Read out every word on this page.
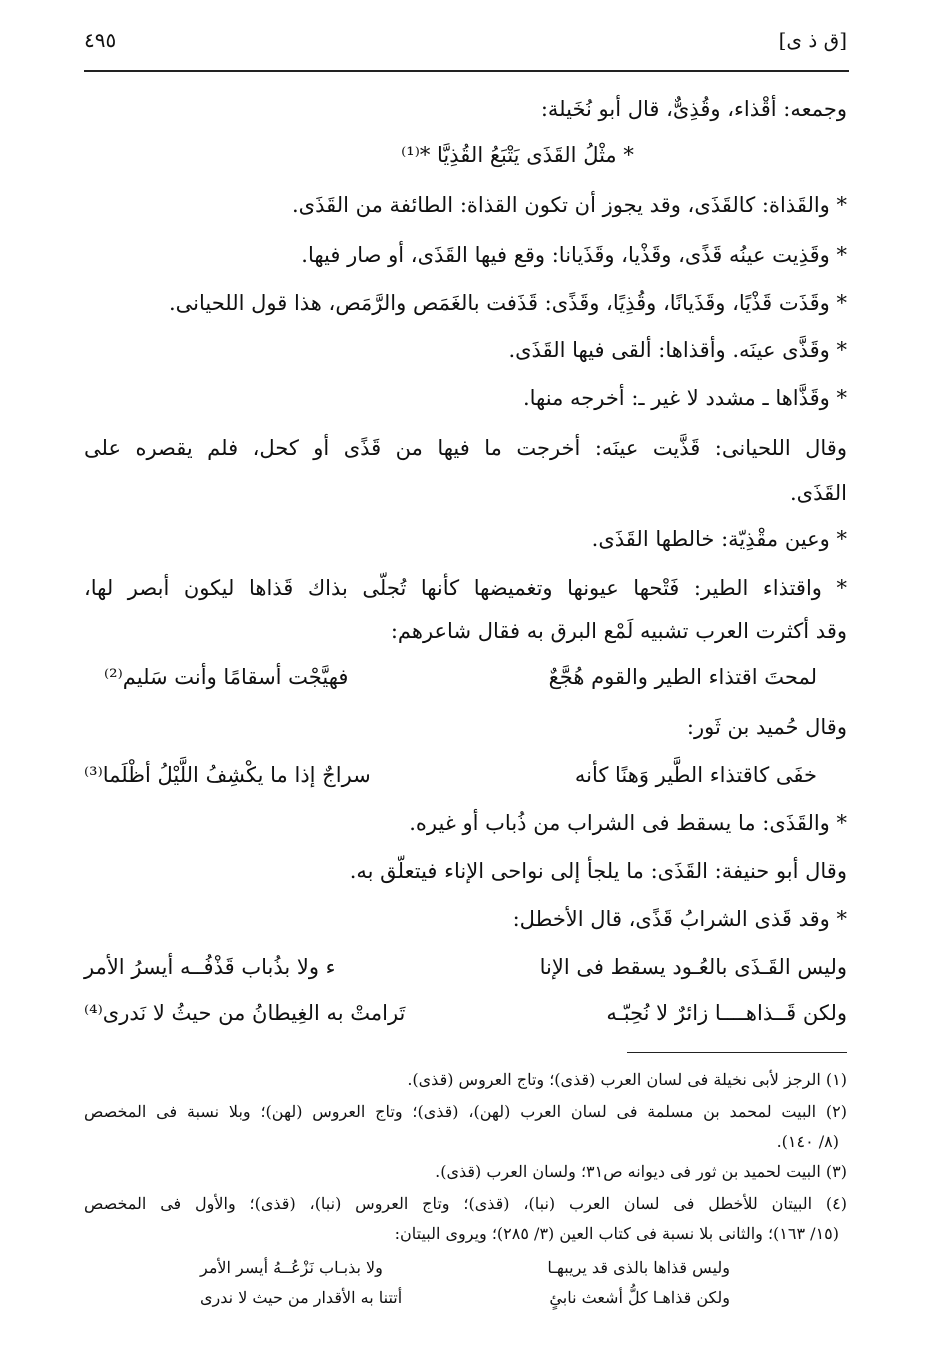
[ق ذ ى]
٤٩٥
وجمعه: أقْذاء، وقُذِىٌّ، قال أبو نُخَيلة:
* مثْلُ القَذَى يَتْبَعُ القُذِيَّا *⁽¹⁾
* والقَذاة: كالقَذَى، وقد يجوز أن تكون القذاة: الطائفة من القَذَى.
* وقَذِيت عينُه قَذًى، وقَذْيا، وقَذَيانا: وقع فيها القَذَى، أو صار فيها.
* وقَذَت قَذْيًا، وقَذَيانًا، وقُذِيًا، وقَذًى: قَذَفت بالغَمَص والرَّمَص، هذا قول اللحيانى.
* وقَذَّى عينَه. وأقذاها: ألقى فيها القَذَى.
* وقَذَّاها ـ مشدد لا غير ـ: أخرجه منها.
وقال اللحيانى: قَذَّيت عينَه: أخرجت ما فيها من قَذًى أو كحل، فلم يقصره على
القَذَى.
* وعين مقْذِيّة: خالطها القَذَى.
* واقتذاء الطير: فَتْحها عيونها وتغميضها كأنها تُجلّى بذاك قَذاها ليكون أبصر لها،
وقد أكثرت العرب تشبيه لَمْع البرق به فقال شاعرهم:
لمحتَ اقتذاء الطير والقوم هُجَّعٌ
فهيَّجْت أسقامًا وأنت سَليم⁽²⁾
وقال حُميد بن ثَور:
خفَى كاقتذاء الطَّير وَهنًا كأنه
سراجٌ إذا ما يكْشِفُ اللَّيْلُ أظْلَما⁽³⁾
* والقَذَى: ما يسقط فى الشراب من ذُباب أو غيره.
وقال أبو حنيفة: القَذَى: ما يلجأ إلى نواحى الإناء فيتعلّق به.
* وقد قَذى الشرابُ قَذًى، قال الأخطل:
وليس القَـذَى بالعُـود يسقط فى الإنا
ء ولا بذُباب قَذْفُــه أيسرُ الأمر
ولكن قَــذاهــــا زائرٌ لا نُحِبّـه
تَرامتْ به الغِيطانُ من حيثُ لا نَدرى⁽⁴⁾
(١) الرجز لأبى نخيلة فى لسان العرب (قذى)؛ وتاج العروس (قذى).
(٢) البيت لمحمد بن مسلمة فى لسان العرب (لهن)، (قذى)؛ وتاج العروس (لهن)؛ وبلا نسبة فى المخصص
(٨/ ١٤٠).
(٣) البيت لحميد بن ثور فى ديوانه ص٣١؛ ولسان العرب (قذى).
(٤) البيتان للأخطل فى لسان العرب (نبا)، (قذى)؛ وتاج العروس (نبا)، (قذى)؛ والأول فى المخصص
(١٥/ ١٦٣)؛ والثانى بلا نسبة فى كتاب العين (٣/ ٢٨٥)؛ ويروى البيتان:
وليس قذاها بالذى قد يريبهـا
ولا بذبـاب نَزْعُــهُ أيسر الأمر
ولكن قذاهـا كلُّ أشعث نابئٍ
أتتنا به الأقدار من حيث لا ندرى
